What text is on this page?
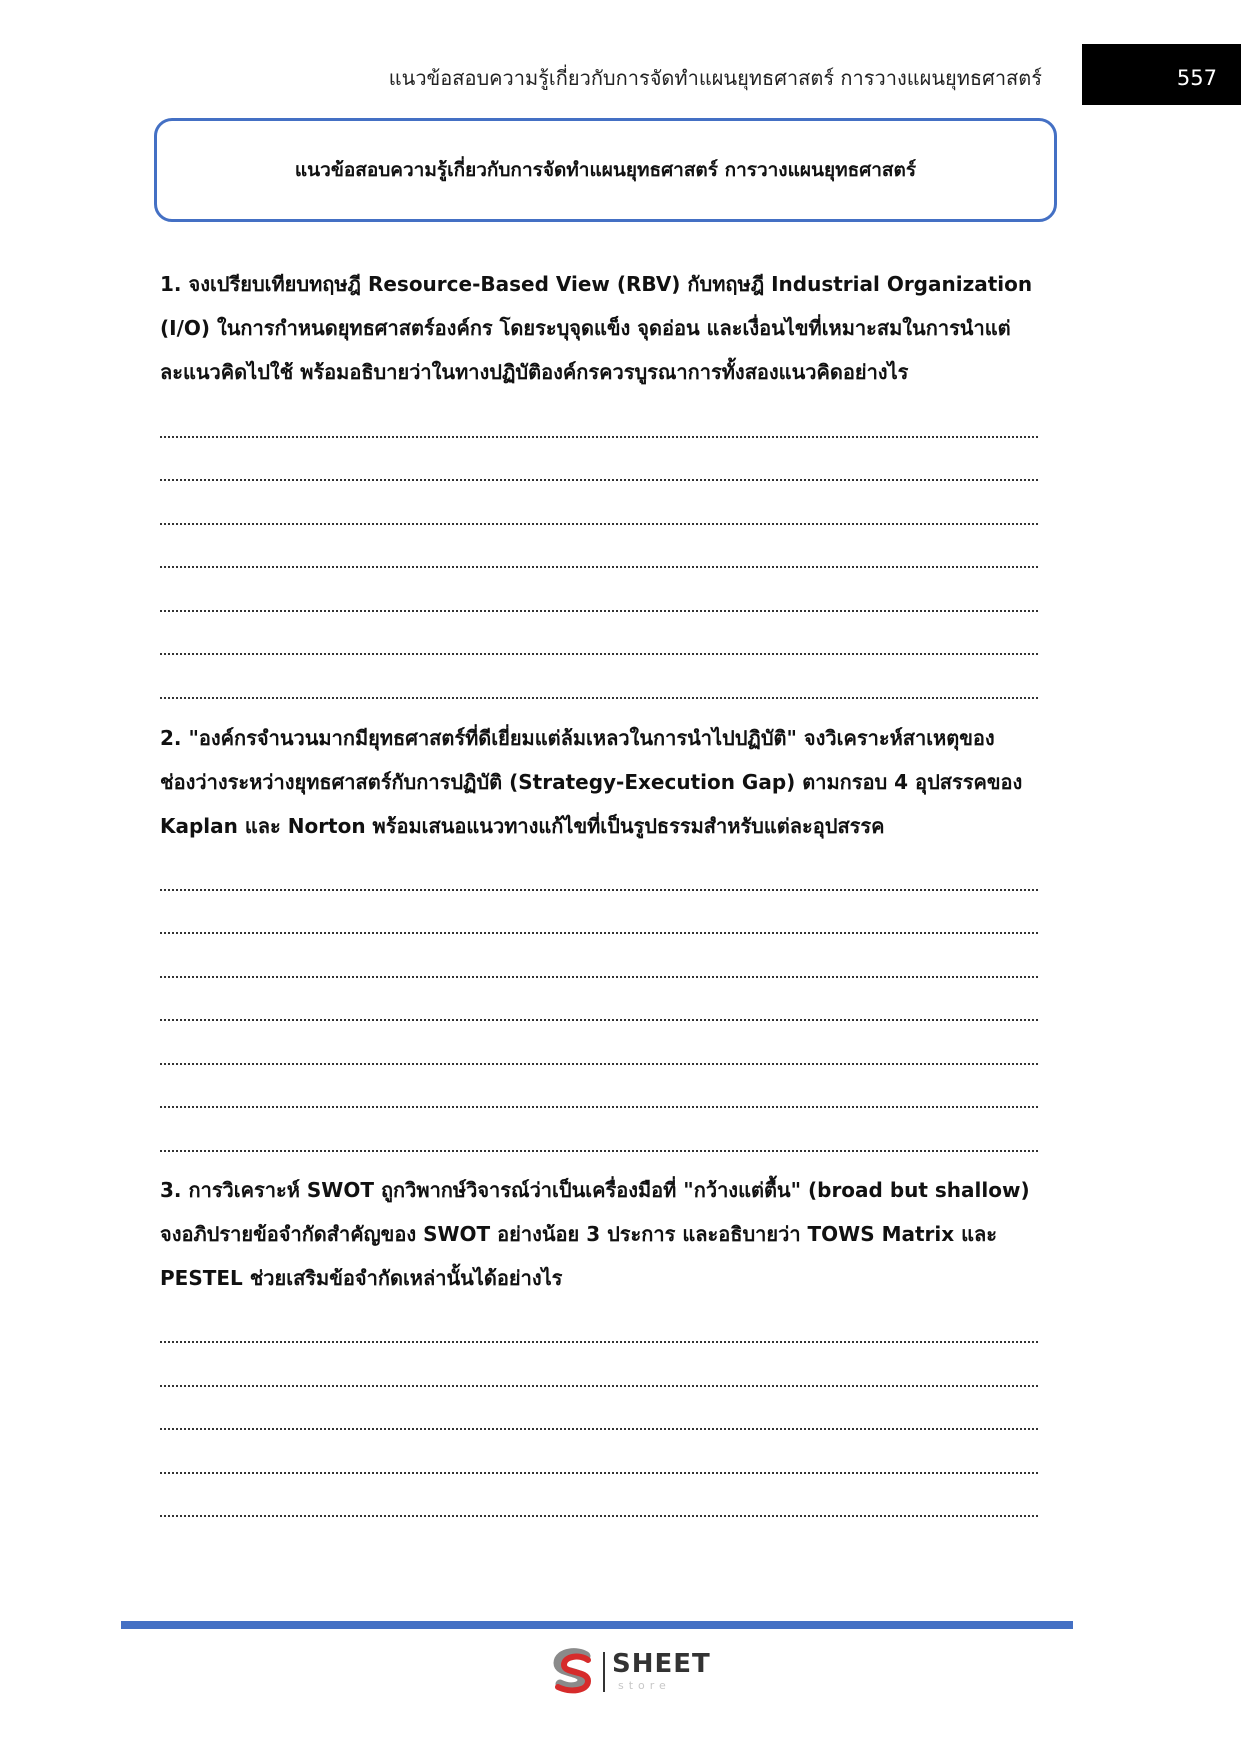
แนวข้อสอบความรู้เกี่ยวกับการจัดทำแผนยุทธศาสตร์ การวางแผนยุทธศาสตร์	557
แนวข้อสอบความรู้เกี่ยวกับการจัดทำแผนยุทธศาสตร์ การวางแผนยุทธศาสตร์
1. จงเปรียบเทียบทฤษฎี Resource-Based View (RBV) กับทฤษฎี Industrial Organization
(I/O) ในการกำหนดยุทธศาสตร์องค์กร โดยระบุจุดแข็ง จุดอ่อน และเงื่อนไขที่เหมาะสมในการนำแต่
ละแนวคิดไปใช้ พร้อมอธิบายว่าในทางปฏิบัติองค์กรควรบูรณาการทั้งสองแนวคิดอย่างไร
2. "องค์กรจำนวนมากมียุทธศาสตร์ที่ดีเยี่ยมแต่ล้มเหลวในการนำไปปฏิบัติ" จงวิเคราะห์สาเหตุของ
ช่องว่างระหว่างยุทธศาสตร์กับการปฏิบัติ (Strategy-Execution Gap) ตามกรอบ 4 อุปสรรคของ
Kaplan และ Norton พร้อมเสนอแนวทางแก้ไขที่เป็นรูปธรรมสำหรับแต่ละอุปสรรค
3. การวิเคราะห์ SWOT ถูกวิพากษ์วิจารณ์ว่าเป็นเครื่องมือที่ "กว้างแต่ตื้น" (broad but shallow)
จงอภิปรายข้อจำกัดสำคัญของ SWOT อย่างน้อย 3 ประการ และอธิบายว่า TOWS Matrix และ
PESTEL ช่วยเสริมข้อจำกัดเหล่านั้นได้อย่างไร
SHEET
store
